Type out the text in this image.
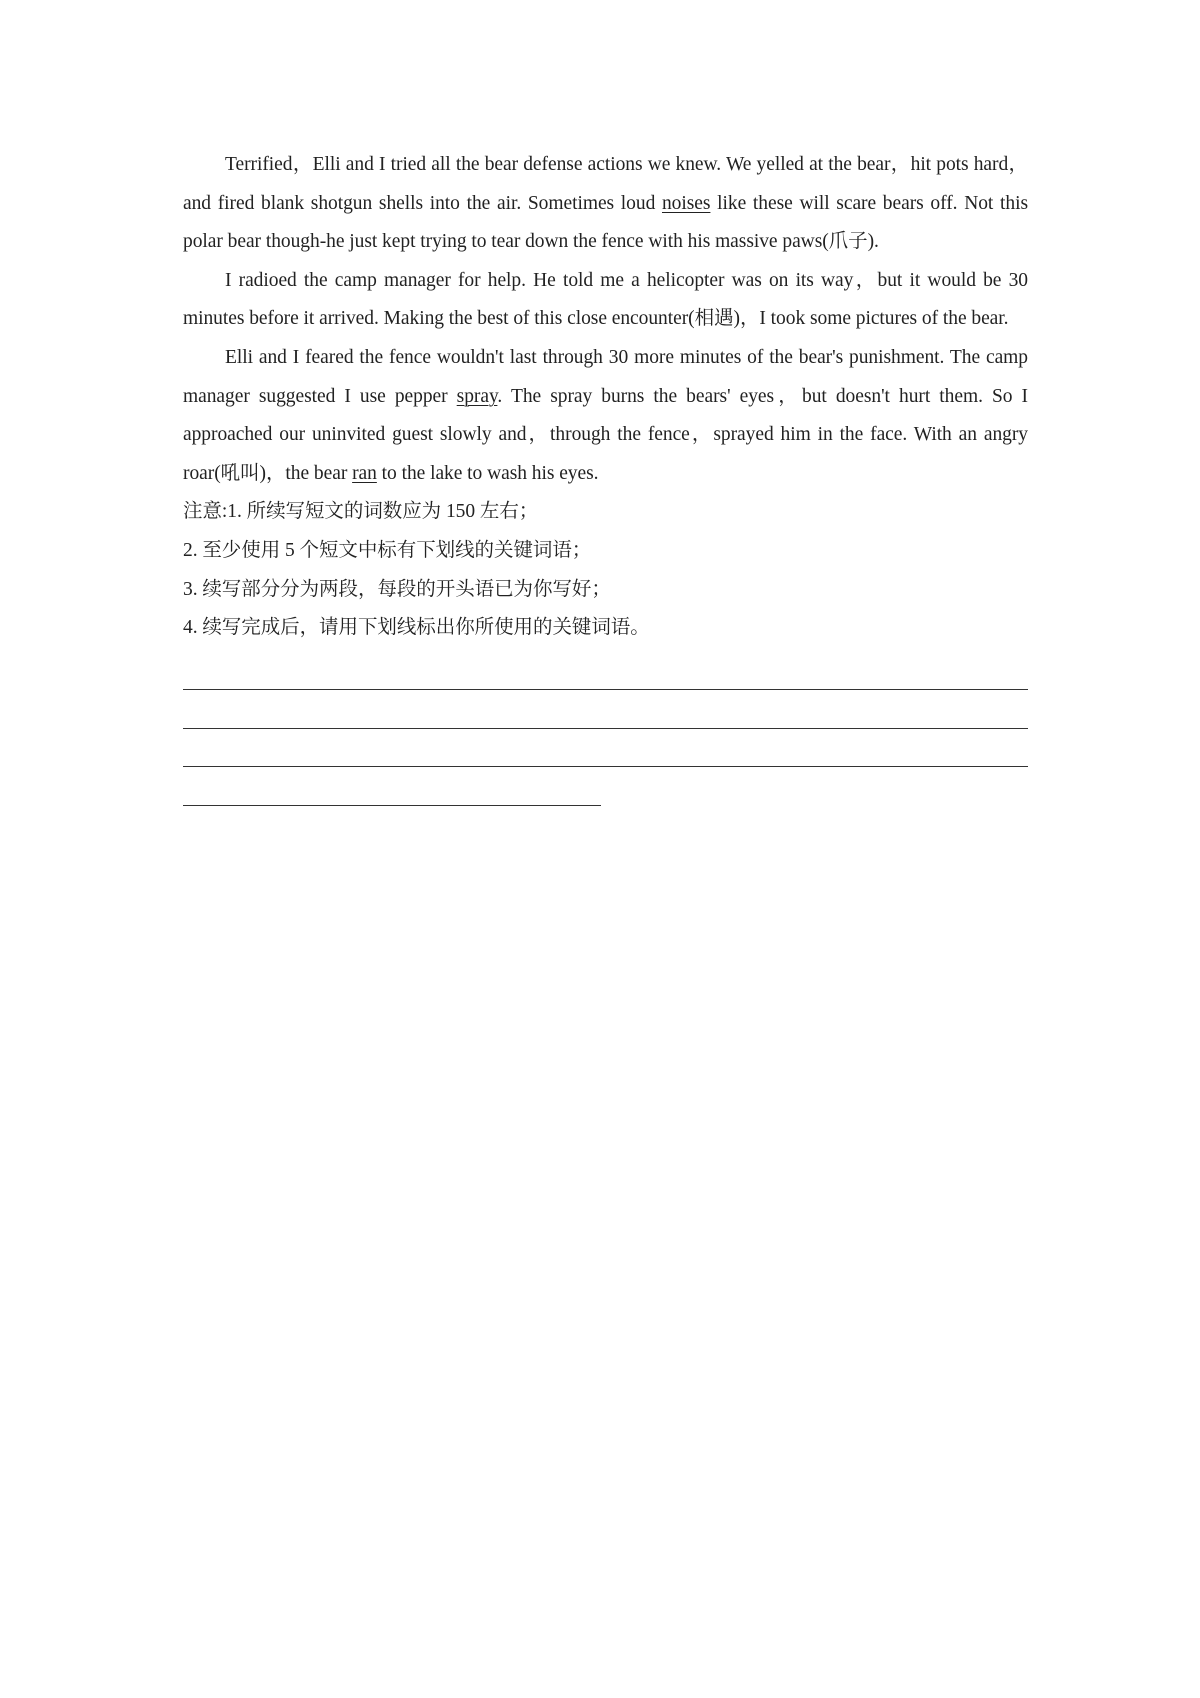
Terrified，Elli and I tried all the bear defense actions we knew. We yelled at the bear，hit pots hard，and fired blank shotgun shells into the air. Sometimes loud noises like these will scare bears off. Not this polar bear though-he just kept trying to tear down the fence with his massive paws(爪子).

I radioed the camp manager for help. He told me a helicopter was on its way，but it would be 30 minutes before it arrived. Making the best of this close encounter(相遇)，I took some pictures of the bear.

Elli and I feared the fence wouldn't last through 30 more minutes of the bear's punishment. The camp manager suggested I use pepper spray. The spray burns the bears' eyes，but doesn't hurt them. So I approached our uninvited guest slowly and，through the fence，sprayed him in the face. With an angry roar(吼叫)，the bear ran to the lake to wash his eyes.

注意:1. 所续写短文的词数应为 150 左右；
2. 至少使用 5 个短文中标有下划线的关键词语；
3. 续写部分分为两段，每段的开头语已为你写好；
4. 续写完成后，请用下划线标出你所使用的关键词语。
